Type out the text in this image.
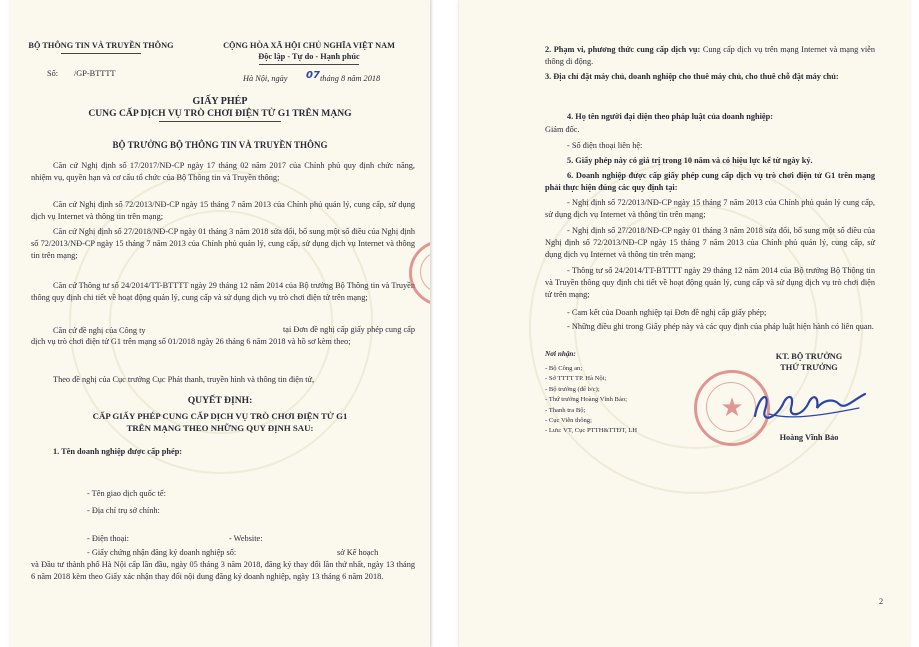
BỘ THÔNG TIN VÀ TRUYỀN THÔNG	CỘNG HÒA XÃ HỘI CHỦ NGHĨA VIỆT NAM
Độc lập - Tự do - Hạnh phúc
Số: /GP-BTTTT
Hà Nội, ngày 07 tháng 8 năm 2018
GIẤY PHÉP
CUNG CẤP DỊCH VỤ TRÒ CHƠI ĐIỆN TỬ G1 TRÊN MẠNG
BỘ TRƯỞNG BỘ THÔNG TIN VÀ TRUYỀN THÔNG
Căn cứ Nghị định số 17/2017/NĐ-CP ngày 17 tháng 02 năm 2017 của Chính phủ quy định chức năng, nhiệm vụ, quyền hạn và cơ cấu tổ chức của Bộ Thông tin và Truyền thông;
Căn cứ Nghị định số 72/2013/NĐ-CP ngày 15 tháng 7 năm 2013 của Chính phủ quản lý, cung cấp, sử dụng dịch vụ Internet và thông tin trên mạng;
Căn cứ Nghị định số 27/2018/NĐ-CP ngày 01 tháng 3 năm 2018 sửa đổi, bổ sung một số điều của Nghị định số 72/2013/NĐ-CP ngày 15 tháng 7 năm 2013 của Chính phủ quản lý, cung cấp, sử dụng dịch vụ Internet và thông tin trên mạng;
Căn cứ Thông tư số 24/2014/TT-BTTTT ngày 29 tháng 12 năm 2014 của Bộ trưởng Bộ Thông tin và Truyền thông quy định chi tiết về hoạt động quản lý, cung cấp và sử dụng dịch vụ trò chơi điện tử trên mạng;
Căn cứ đề nghị của Công ty	tại Đơn đề nghị cấp giấy phép cung cấp dịch vụ trò chơi điện tử G1 trên mạng số 01/2018 ngày 26 tháng 6 năm 2018 và hồ sơ kèm theo;
Theo đề nghị của Cục trưởng Cục Phát thanh, truyền hình và thông tin điện tử,
QUYẾT ĐỊNH:
CẤP GIẤY PHÉP CUNG CẤP DỊCH VỤ TRÒ CHƠI ĐIỆN TỬ G1
TRÊN MẠNG THEO NHỮNG QUY ĐỊNH SAU:
1. Tên doanh nghiệp được cấp phép:
- Tên giao dịch quốc tế:
- Địa chỉ trụ sở chính:
- Điện thoại:	- Website:
- Giấy chứng nhận đăng ký doanh nghiệp số:	sở Kế hoạch
và Đầu tư thành phố Hà Nội cấp lần đầu, ngày 05 tháng 3 năm 2018, đăng ký thay đổi lần thứ nhất, ngày 13 tháng 6 năm 2018 kèm theo Giấy xác nhận thay đổi nội dung đăng ký doanh nghiệp, ngày 13 tháng 6 năm 2018.
2. Phạm vi, phương thức cung cấp dịch vụ: Cung cấp dịch vụ trên mạng Internet và mạng viễn thông di động.
3. Địa chỉ đặt máy chủ, doanh nghiệp cho thuê máy chủ, cho thuê chỗ đặt máy chủ:
4. Họ tên người đại diện theo pháp luật của doanh nghiệp:
Giám đốc.
- Số điện thoại liên hệ:
5. Giấy phép này có giá trị trong 10 năm và có hiệu lực kể từ ngày ký.
6. Doanh nghiệp được cấp giấy phép cung cấp dịch vụ trò chơi điện tử G1 trên mạng phải thực hiện đúng các quy định tại:
- Nghị định số 72/2013/NĐ-CP ngày 15 tháng 7 năm 2013 của Chính phủ quản lý cung cấp, sử dụng dịch vụ Internet và thông tin trên mạng;
- Nghị định số 27/2018/NĐ-CP ngày 01 tháng 3 năm 2018 sửa đổi, bổ sung một số điều của Nghị định số 72/2013/NĐ-CP ngày 15 tháng 7 năm 2013 của Chính phủ quản lý, cung cấp, sử dụng dịch vụ Internet và thông tin trên mạng;
- Thông tư số 24/2014/TT-BTTTT ngày 29 tháng 12 năm 2014 của Bộ trưởng Bộ Thông tin và Truyền thông quy định chi tiết về hoạt động quản lý, cung cấp và sử dụng dịch vụ trò chơi điện tử trên mạng;
- Cam kết của Doanh nghiệp tại Đơn đề nghị cấp giấy phép;
- Những điều ghi trong Giấy phép này và các quy định của pháp luật hiện hành có liên quan.
Nơi nhận:
- Bộ Công an;
- Sở TTTT TP. Hà Nội;
- Bộ trưởng (để b/c);
- Thứ trưởng Hoàng Vĩnh Bảo;
- Thanh tra Bộ;
- Cục Viễn thông;
- Lưu: VT, Cục PTTH&TTĐT, LH
★
KT. BỘ TRƯỞNG
THỨ TRƯỞNG
Hoàng Vĩnh Bảo
2
